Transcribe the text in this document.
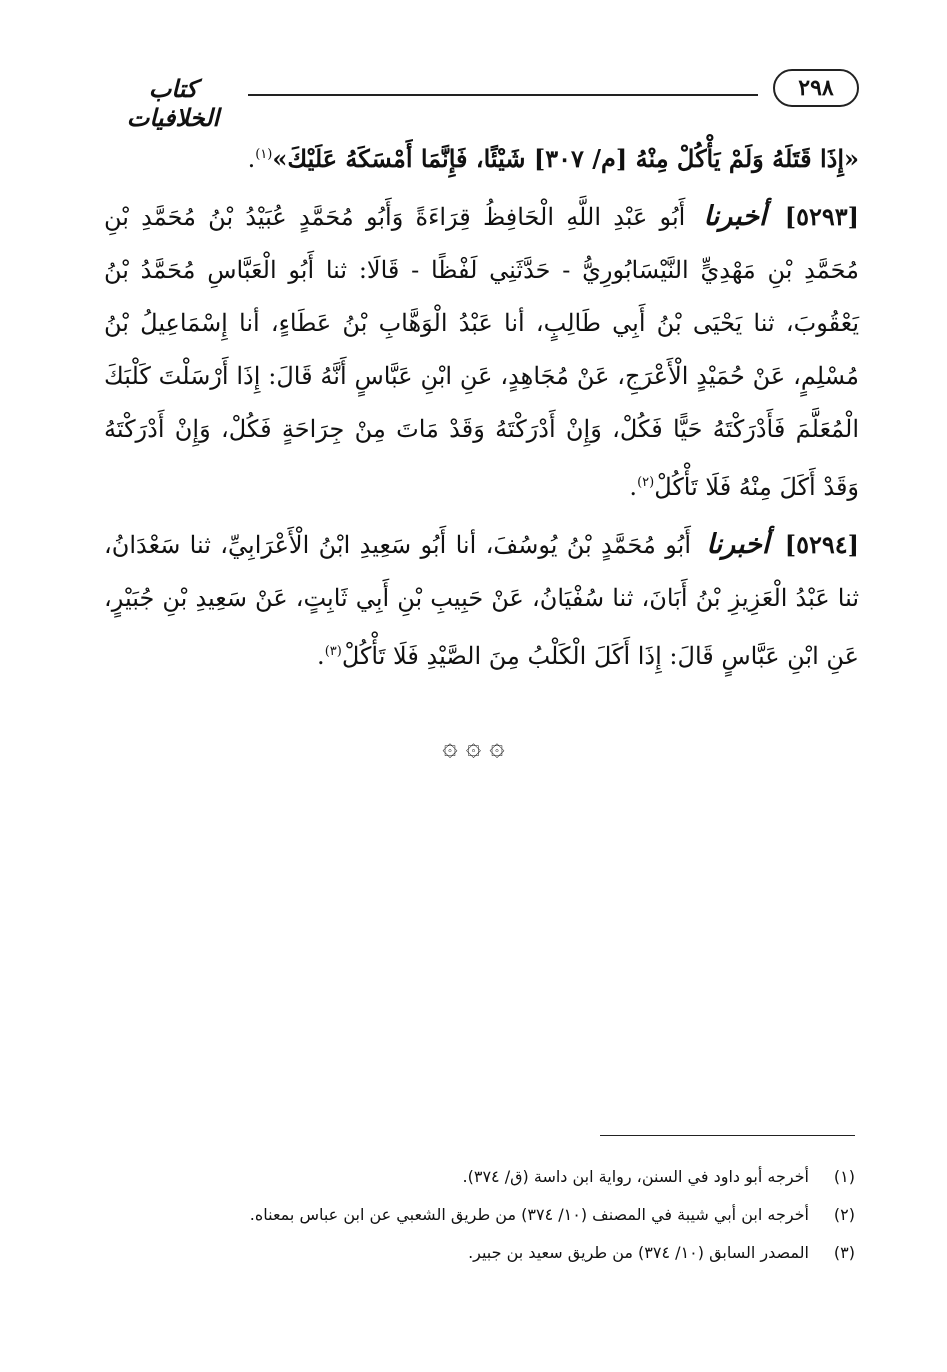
٢٩٨
كتاب الخلافيات

«إِذَا قَتَلَهُ وَلَمْ يَأْكُلْ مِنْهُ [م/ ٣٠٧] شَيْئًا، فَإِنَّمَا أَمْسَكَهُ عَلَيْكَ»$^{(١)}$.

[٥٢٩٣] أخبرنا أَبُو عَبْدِ اللَّهِ الْحَافِظُ قِرَاءَةً وَأَبُو مُحَمَّدٍ عُبَيْدُ بْنُ مُحَمَّدِ بْنِ مُحَمَّدِ بْنِ مَهْدِيٍّ النَّيْسَابُورِيُّ - حَدَّثَنِي لَفْظًا - قَالَا: ثنا أَبُو الْعَبَّاسِ مُحَمَّدُ بْنُ يَعْقُوبَ، ثنا يَحْيَى بْنُ أَبِي طَالِبٍ، أنا عَبْدُ الْوَهَّابِ بْنُ عَطَاءٍ، أنا إِسْمَاعِيلُ بْنُ مُسْلِمٍ، عَنْ حُمَيْدٍ الْأَعْرَجِ، عَنْ مُجَاهِدٍ، عَنِ ابْنِ عَبَّاسٍ أَنَّهُ قَالَ: إِذَا أَرْسَلْتَ كَلْبَكَ الْمُعَلَّمَ فَأَدْرَكْتَهُ حَيًّا فَكُلْ، وَإِنْ أَدْرَكْتَهُ وَقَدْ مَاتَ مِنْ جِرَاحَةٍ فَكُلْ، وَإِنْ أَدْرَكْتَهُ وَقَدْ أَكَلَ مِنْهُ فَلَا تَأْكُلْ$^{(٢)}$.

[٥٢٩٤] أخبرنا أَبُو مُحَمَّدٍ بْنُ يُوسُفَ، أنا أَبُو سَعِيدِ ابْنُ الْأَعْرَابِيِّ، ثنا سَعْدَانُ، ثنا عَبْدُ الْعَزِيزِ بْنُ أَبَانَ، ثنا سُفْيَانُ، عَنْ حَبِيبِ بْنِ أَبِي ثَابِتٍ، عَنْ سَعِيدِ بْنِ جُبَيْرٍ، عَنِ ابْنِ عَبَّاسٍ قَالَ: إِذَا أَكَلَ الْكَلْبُ مِنَ الصَّيْدِ فَلَا تَأْكُلْ$^{(٣)}$.

۞ ۞ ۞
(١)
أخرجه أبو داود في السنن، رواية ابن داسة (ق/ ٣٧٤).
(٢)
أخرجه ابن أبي شيبة في المصنف (١٠/ ٣٧٤) من طريق الشعبي عن ابن عباس بمعناه.
(٣)
المصدر السابق (١٠/ ٣٧٤) من طريق سعيد بن جبير.
